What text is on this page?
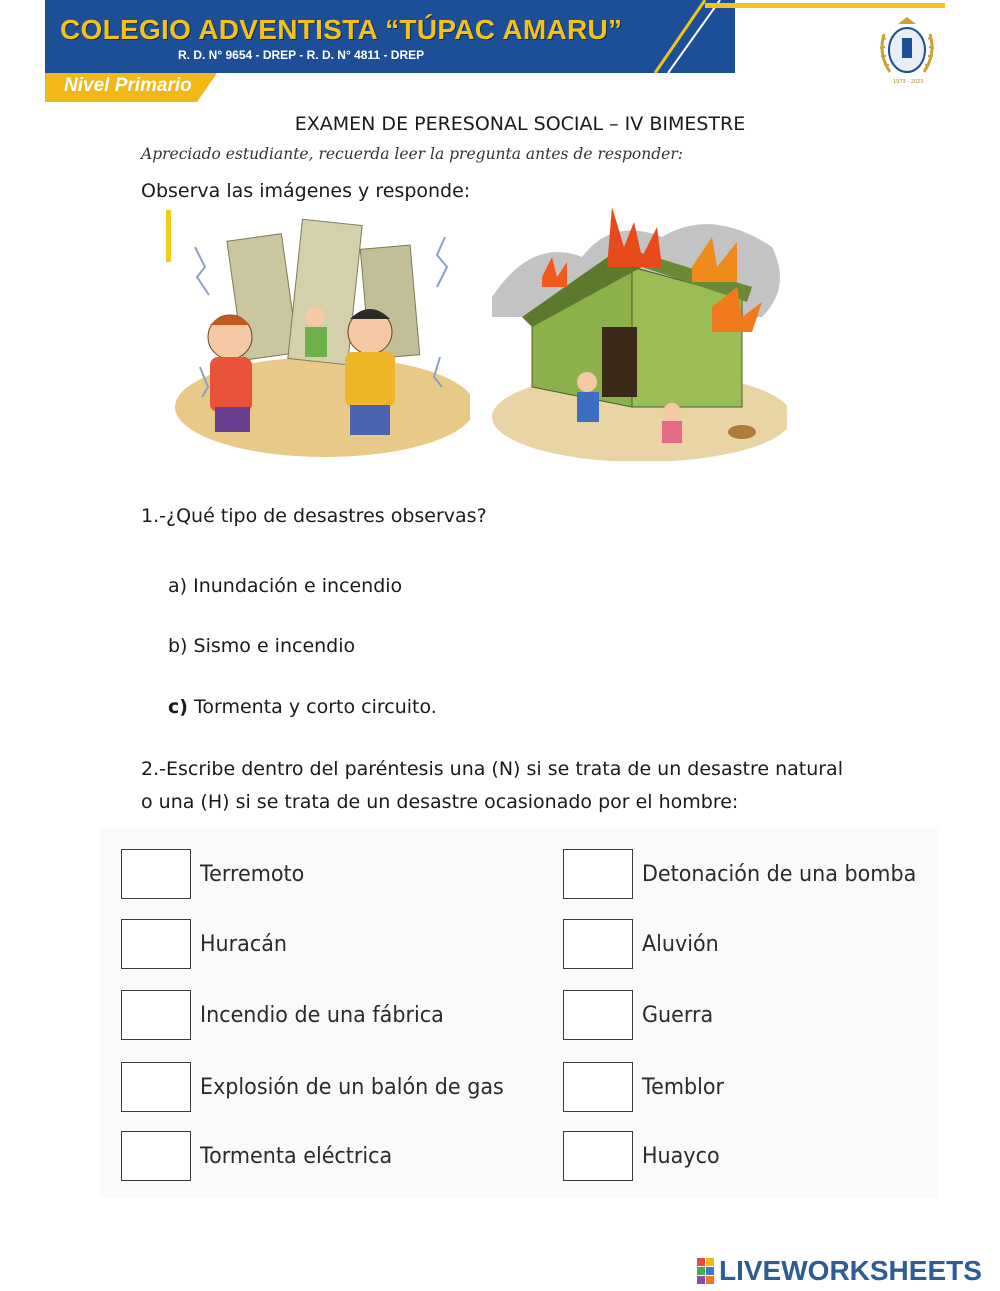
COLEGIO ADVENTISTA “TÚPAC AMARU”
R. D. N° 9654 - DREP - R. D. N° 4811 - DREP
Nivel Primario	1973 - 2023
EXAMEN DE PERESONAL SOCIAL – IV BIMESTRE
Apreciado estudiante, recuerda leer la pregunta antes de responder:
Observa las imágenes y responde:
1.-¿Qué tipo de desastres observas?
a) Inundación e incendio
b) Sismo e incendio
c) Tormenta y corto circuito.
2.-Escribe dentro del paréntesis una (N) si se trata de un desastre natural
o una (H) si se trata de un desastre ocasionado por el hombre:
Terremoto
Huracán
Incendio de una fábrica
Explosión de un balón de gas
Tormenta eléctrica
Detonación de una bomba
Aluvión
Guerra
Temblor
Huayco
LIVEWORKSHEETS
